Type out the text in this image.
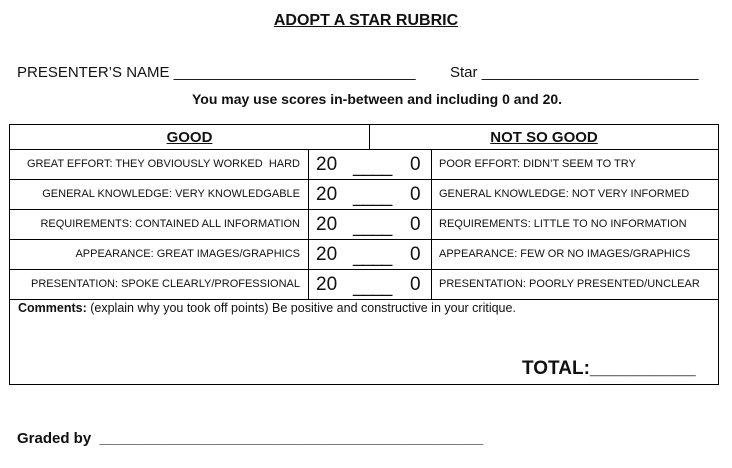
ADOPT A STAR RUBRIC
PRESENTER’S NAME _____________________________ Star __________________________
You may use scores in-between and including 0 and 20.
GOOD	NOT SO GOOD
GREAT EFFORT: THEY OBVIOUSLY WORKED  HARD 20 ____ 0 POOR EFFORT: DIDN’T SEEM TO TRY
GENERAL KNOWLEDGE: VERY KNOWLEDGABLE 20 ____ 0 GENERAL KNOWLEDGE: NOT VERY INFORMED
REQUIREMENTS: CONTAINED ALL INFORMATION 20 ____ 0 REQUIREMENTS: LITTLE TO NO INFORMATION
APPEARANCE: GREAT IMAGES/GRAPHICS 20 ____ 0 APPEARANCE: FEW OR NO IMAGES/GRAPHICS
PRESENTATION: SPOKE CLEARLY/PROFESSIONAL 20 ____ 0 PRESENTATION: POORLY PRESENTED/UNCLEAR
Comments: (explain why you took off points) Be positive and constructive in your critique.
TOTAL:__________
Graded by  ______________________________________________
